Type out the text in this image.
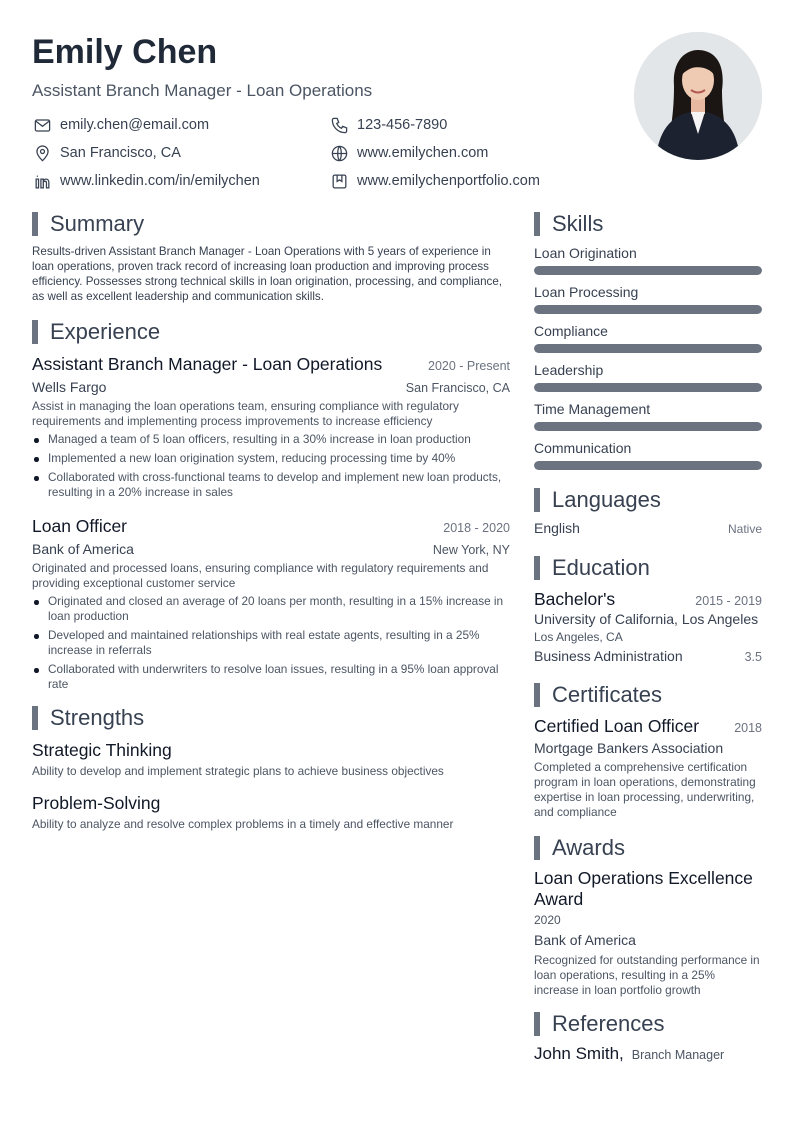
Emily Chen
Assistant Branch Manager - Loan Operations
emily.chen@email.com	123-456-7890
San Francisco, CA	www.emilychen.com
www.linkedin.com/in/emilychen	www.emilychenportfolio.com
Summary
Results-driven Assistant Branch Manager - Loan Operations with 5 years of experience in loan operations, proven track record of increasing loan production and improving process efficiency. Possesses strong technical skills in loan origination, processing, and compliance, as well as excellent leadership and communication skills.
Experience
Assistant Branch Manager - Loan Operations	2020 - Present
Wells Fargo	San Francisco, CA
Assist in managing the loan operations team, ensuring compliance with regulatory requirements and implementing process improvements to increase efficiency
Managed a team of 5 loan officers, resulting in a 30% increase in loan production
Implemented a new loan origination system, reducing processing time by 40%
Collaborated with cross-functional teams to develop and implement new loan products, resulting in a 20% increase in sales
Loan Officer	2018 - 2020
Bank of America	New York, NY
Originated and processed loans, ensuring compliance with regulatory requirements and providing exceptional customer service
Originated and closed an average of 20 loans per month, resulting in a 15% increase in loan production
Developed and maintained relationships with real estate agents, resulting in a 25% increase in referrals
Collaborated with underwriters to resolve loan issues, resulting in a 95% loan approval rate
Strengths
Strategic Thinking
Ability to develop and implement strategic plans to achieve business objectives
Problem-Solving
Ability to analyze and resolve complex problems in a timely and effective manner
Skills
Loan Origination
Loan Processing
Compliance
Leadership
Time Management
Communication
Languages
English	Native
Education
Bachelor's	2015 - 2019
University of California, Los Angeles
Los Angeles, CA
Business Administration	3.5
Certificates
Certified Loan Officer	2018
Mortgage Bankers Association
Completed a comprehensive certification program in loan operations, demonstrating expertise in loan processing, underwriting, and compliance
Awards
Loan Operations Excellence Award
2020
Bank of America
Recognized for outstanding performance in loan operations, resulting in a 25% increase in loan portfolio growth
References
John Smith, Branch Manager
